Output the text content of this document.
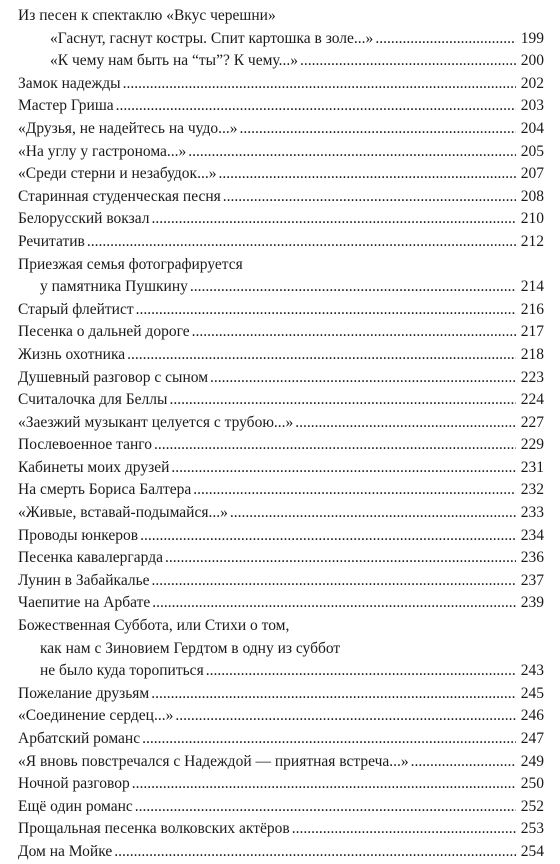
Из песен к спектаклю «Вкус черешни»
«Гаснут, гаснут костры. Спит картошка в золе...» .....	199
«К чему нам быть на “ты”? К чему...» .....	200
Замок надежды .....	202
Мастер Гриша .....	203
«Друзья, не надейтесь на чудо...» .....	204
«На углу у гастронома...» .....	205
«Среди стерни и незабудок...» .....	207
Старинная студенческая песня .....	208
Белорусский вокзал .....	210
Речитатив .....	212
Приезжая семья фотографируется
у памятника Пушкину .....	214
Старый флейтист .....	216
Песенка о дальней дороге .....	217
Жизнь охотника .....	218
Душевный разговор с сыном .....	223
Считалочка для Беллы .....	224
«Заезжий музыкант целуется с трубою...» .....	227
Послевоенное танго .....	229
Кабинеты моих друзей .....	231
На смерть Бориса Балтера .....	232
«Живые, вставай-подымайся...» .....	233
Проводы юнкеров .....	234
Песенка кавалергарда .....	236
Лунин в Забайкалье .....	237
Чаепитие на Арбате .....	239
Божественная Суббота, или Стихи о том,
как нам с Зиновием Гердтом в одну из суббот
не было куда торопиться .....	243
Пожелание друзьям .....	245
«Соединение сердец...» .....	246
Арбатский романс .....	247
«Я вновь повстречался с Надеждой — приятная встреча...» .....	249
Ночной разговор .....	250
Ещё один романс .....	252
Прощальная песенка волковских актёров .....	253
Дом на Мойке .....	254
